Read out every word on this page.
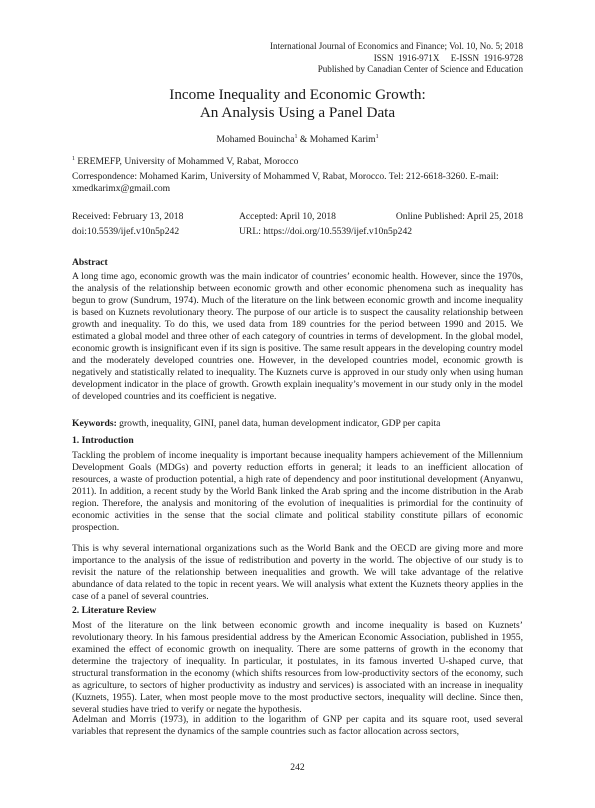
International Journal of Economics and Finance; Vol. 10, No. 5; 2018
ISSN  1916-971X     E-ISSN  1916-9728
Published by Canadian Center of Science and Education
Income Inequality and Economic Growth:
An Analysis Using a Panel Data
Mohamed Bouincha$^1$ & Mohamed Karim$^1$
$^1$ EREMEFP, University of Mohammed V, Rabat, Morocco
Correspondence: Mohamed Karim, University of Mohammed V, Rabat, Morocco. Tel: 212-6618-3260. E-mail: xmedkarimx@gmail.com
Received: February 13, 2018	Accepted: April 10, 2018	Online Published: April 25, 2018
doi:10.5539/ijef.v10n5p242	URL: https://doi.org/10.5539/ijef.v10n5p242
Abstract
A long time ago, economic growth was the main indicator of countries’ economic health. However, since the 1970s, the analysis of the relationship between economic growth and other economic phenomena such as inequality has begun to grow (Sundrum, 1974). Much of the literature on the link between economic growth and income inequality is based on Kuznets revolutionary theory. The purpose of our article is to suspect the causality relationship between growth and inequality. To do this, we used data from 189 countries for the period between 1990 and 2015. We estimated a global model and three other of each category of countries in terms of development. In the global model, economic growth is insignificant even if its sign is positive. The same result appears in the developing country model and the moderately developed countries one. However, in the developed countries model, economic growth is negatively and statistically related to inequality. The Kuznets curve is approved in our study only when using human development indicator in the place of growth. Growth explain inequality’s movement in our study only in the model of developed countries and its coefficient is negative.
Keywords: growth, inequality, GINI, panel data, human development indicator, GDP per capita
1. Introduction
Tackling the problem of income inequality is important because inequality hampers achievement of the Millennium Development Goals (MDGs) and poverty reduction efforts in general; it leads to an inefficient allocation of resources, a waste of production potential, a high rate of dependency and poor institutional development (Anyanwu, 2011). In addition, a recent study by the World Bank linked the Arab spring and the income distribution in the Arab region. Therefore, the analysis and monitoring of the evolution of inequalities is primordial for the continuity of economic activities in the sense that the social climate and political stability constitute pillars of economic prospection.
This is why several international organizations such as the World Bank and the OECD are giving more and more importance to the analysis of the issue of redistribution and poverty in the world. The objective of our study is to revisit the nature of the relationship between inequalities and growth. We will take advantage of the relative abundance of data related to the topic in recent years. We will analysis what extent the Kuznets theory applies in the case of a panel of several countries.
2. Literature Review
Most of the literature on the link between economic growth and income inequality is based on Kuznets’ revolutionary theory. In his famous presidential address by the American Economic Association, published in 1955, examined the effect of economic growth on inequality. There are some patterns of growth in the economy that determine the trajectory of inequality. In particular, it postulates, in its famous inverted U-shaped curve, that structural transformation in the economy (which shifts resources from low-productivity sectors of the economy, such as agriculture, to sectors of higher productivity as industry and services) is associated with an increase in inequality (Kuznets, 1955). Later, when most people move to the most productive sectors, inequality will decline. Since then, several studies have tried to verify or negate the hypothesis.
Adelman and Morris (1973), in addition to the logarithm of GNP per capita and its square root, used several variables that represent the dynamics of the sample countries such as factor allocation across sectors,
242
